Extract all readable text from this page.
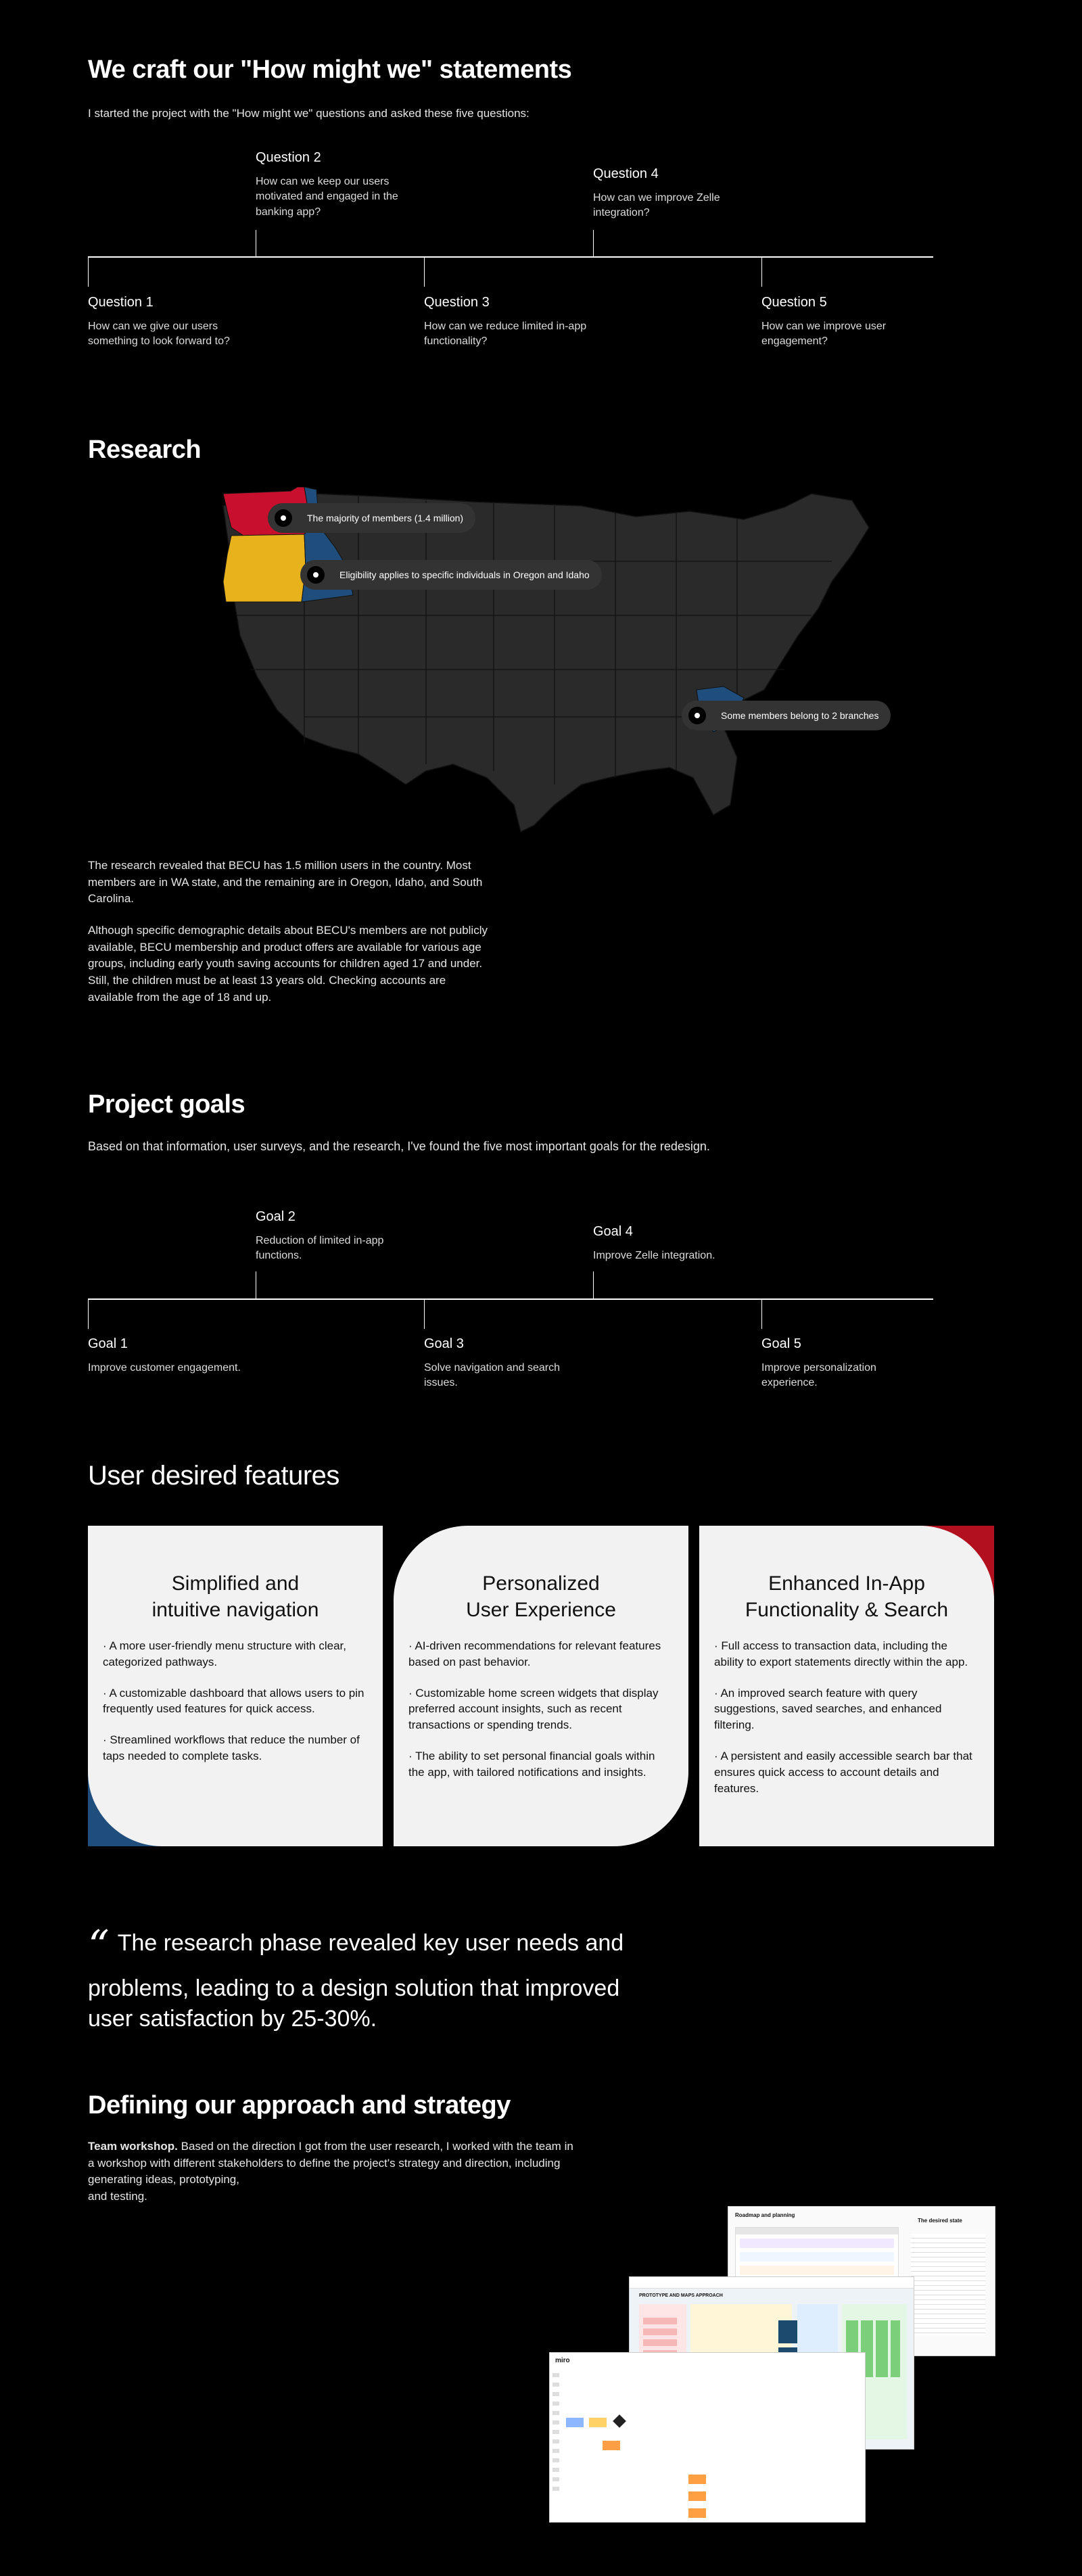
We craft our "How might we" statements
I started the project with the "How might we" questions and asked these five questions:
Question 1
How can we give our users something to look forward to?
Question 2
How can we keep our users motivated and engaged in the banking app?
Question 3
How can we reduce limited in-app functionality?
Question 4
How can we improve Zelle integration?
Question 5
How can we improve user engagement?
Research
The majority of members (1.4 million)
Eligibility applies to specific individuals in Oregon and Idaho
Some members belong to 2 branches
The research revealed that BECU has 1.5 million users in the country. Most members are in WA state, and the remaining are in Oregon, Idaho, and South Carolina.
Although specific demographic details about BECU's members are not publicly available, BECU membership and product offers are available for various age groups, including early youth saving accounts for children aged 17 and under. Still, the children must be at least 13 years old. Checking accounts are available from the age of 18 and up.
Project goals
Based on that information, user surveys, and the research, I've found the five most important goals for the redesign.
Goal 1
Improve customer engagement.
Goal 2
Reduction of limited in-app functions.
Goal 3
Solve navigation and search issues.
Goal 4
Improve Zelle integration.
Goal 5
Improve personalization experience.
User desired features
Simplified and
intuitive navigation
· A more user-friendly menu structure with clear, categorized pathways.
· A customizable dashboard that allows users to pin frequently used features for quick access.
· Streamlined workflows that reduce the number of taps needed to complete tasks.
Personalized
User Experience
· AI-driven recommendations for relevant features based on past behavior.
· Customizable home screen widgets that display preferred account insights, such as recent transactions or spending trends.
· The ability to set personal financial goals within the app, with tailored notifications and insights.
Enhanced In-App
Functionality & Search
· Full access to transaction data, including the ability to export statements directly within the app.
· An improved search feature with query suggestions, saved searches, and enhanced filtering.
· A persistent and easily accessible search bar that ensures quick access to account details and features.
“ The research phase revealed key user needs and problems, leading to a design solution that improved user satisfaction by 25-30%.
Defining our approach and strategy
Team workshop. Based on the direction I got from the user research, I worked with the team in a workshop with different stakeholders to define the project's strategy and direction, including generating ideas, prototyping,
and testing.
Roadmap and planning
The desired state
PROTOTYPE AND MAPS APPROACH
miro
